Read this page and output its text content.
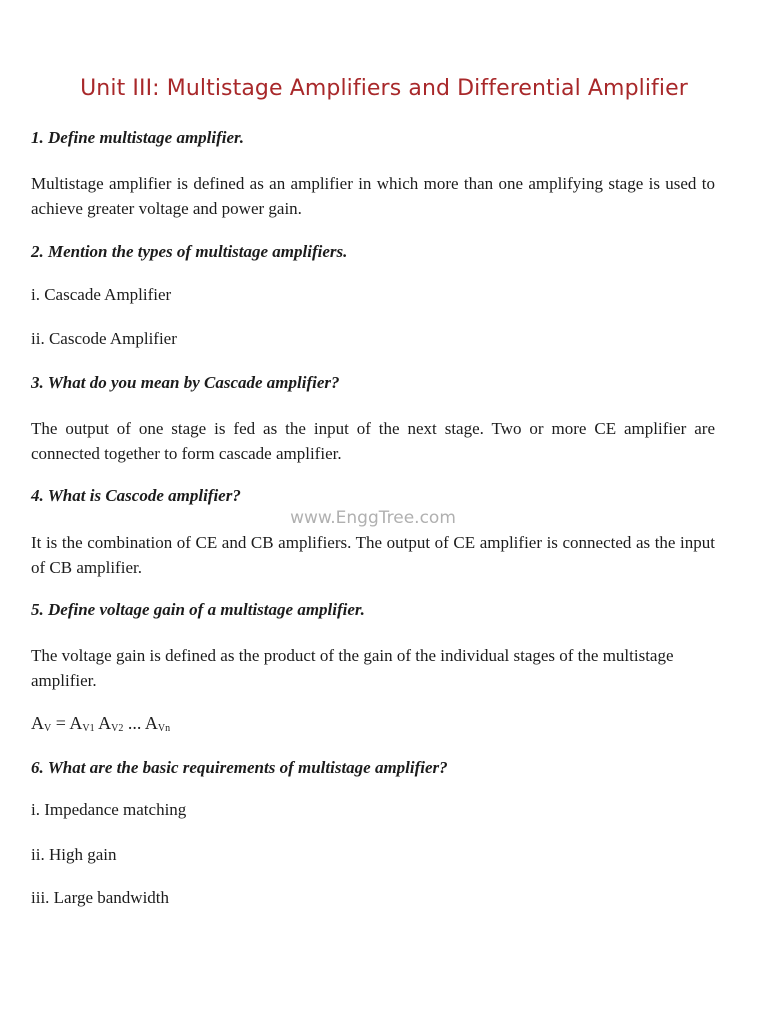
Unit III: Multistage Amplifiers and Differential Amplifier
1. Define multistage amplifier.
Multistage amplifier is defined as an amplifier in which more than one amplifying stage is used to achieve greater voltage and power gain.
2. Mention the types of multistage amplifiers.
i. Cascade Amplifier
ii. Cascode Amplifier
3. What do you mean by Cascade amplifier?
The output of one stage is fed as the input of the next stage. Two or more CE amplifier are connected together to form cascade amplifier.
4. What is Cascode amplifier?
www.EnggTree.com
It is the combination of CE and CB amplifiers. The output of CE amplifier is connected as the input of CB amplifier.
5. Define voltage gain of a multistage amplifier.
The voltage gain is defined as the product of the gain of the individual stages of the multistage amplifier.
$A_V = A_{V1}$ $A_{V2}$ ... $A_{Vn}$
6. What are the basic requirements of multistage amplifier?
i. Impedance matching
ii. High gain
iii. Large bandwidth
